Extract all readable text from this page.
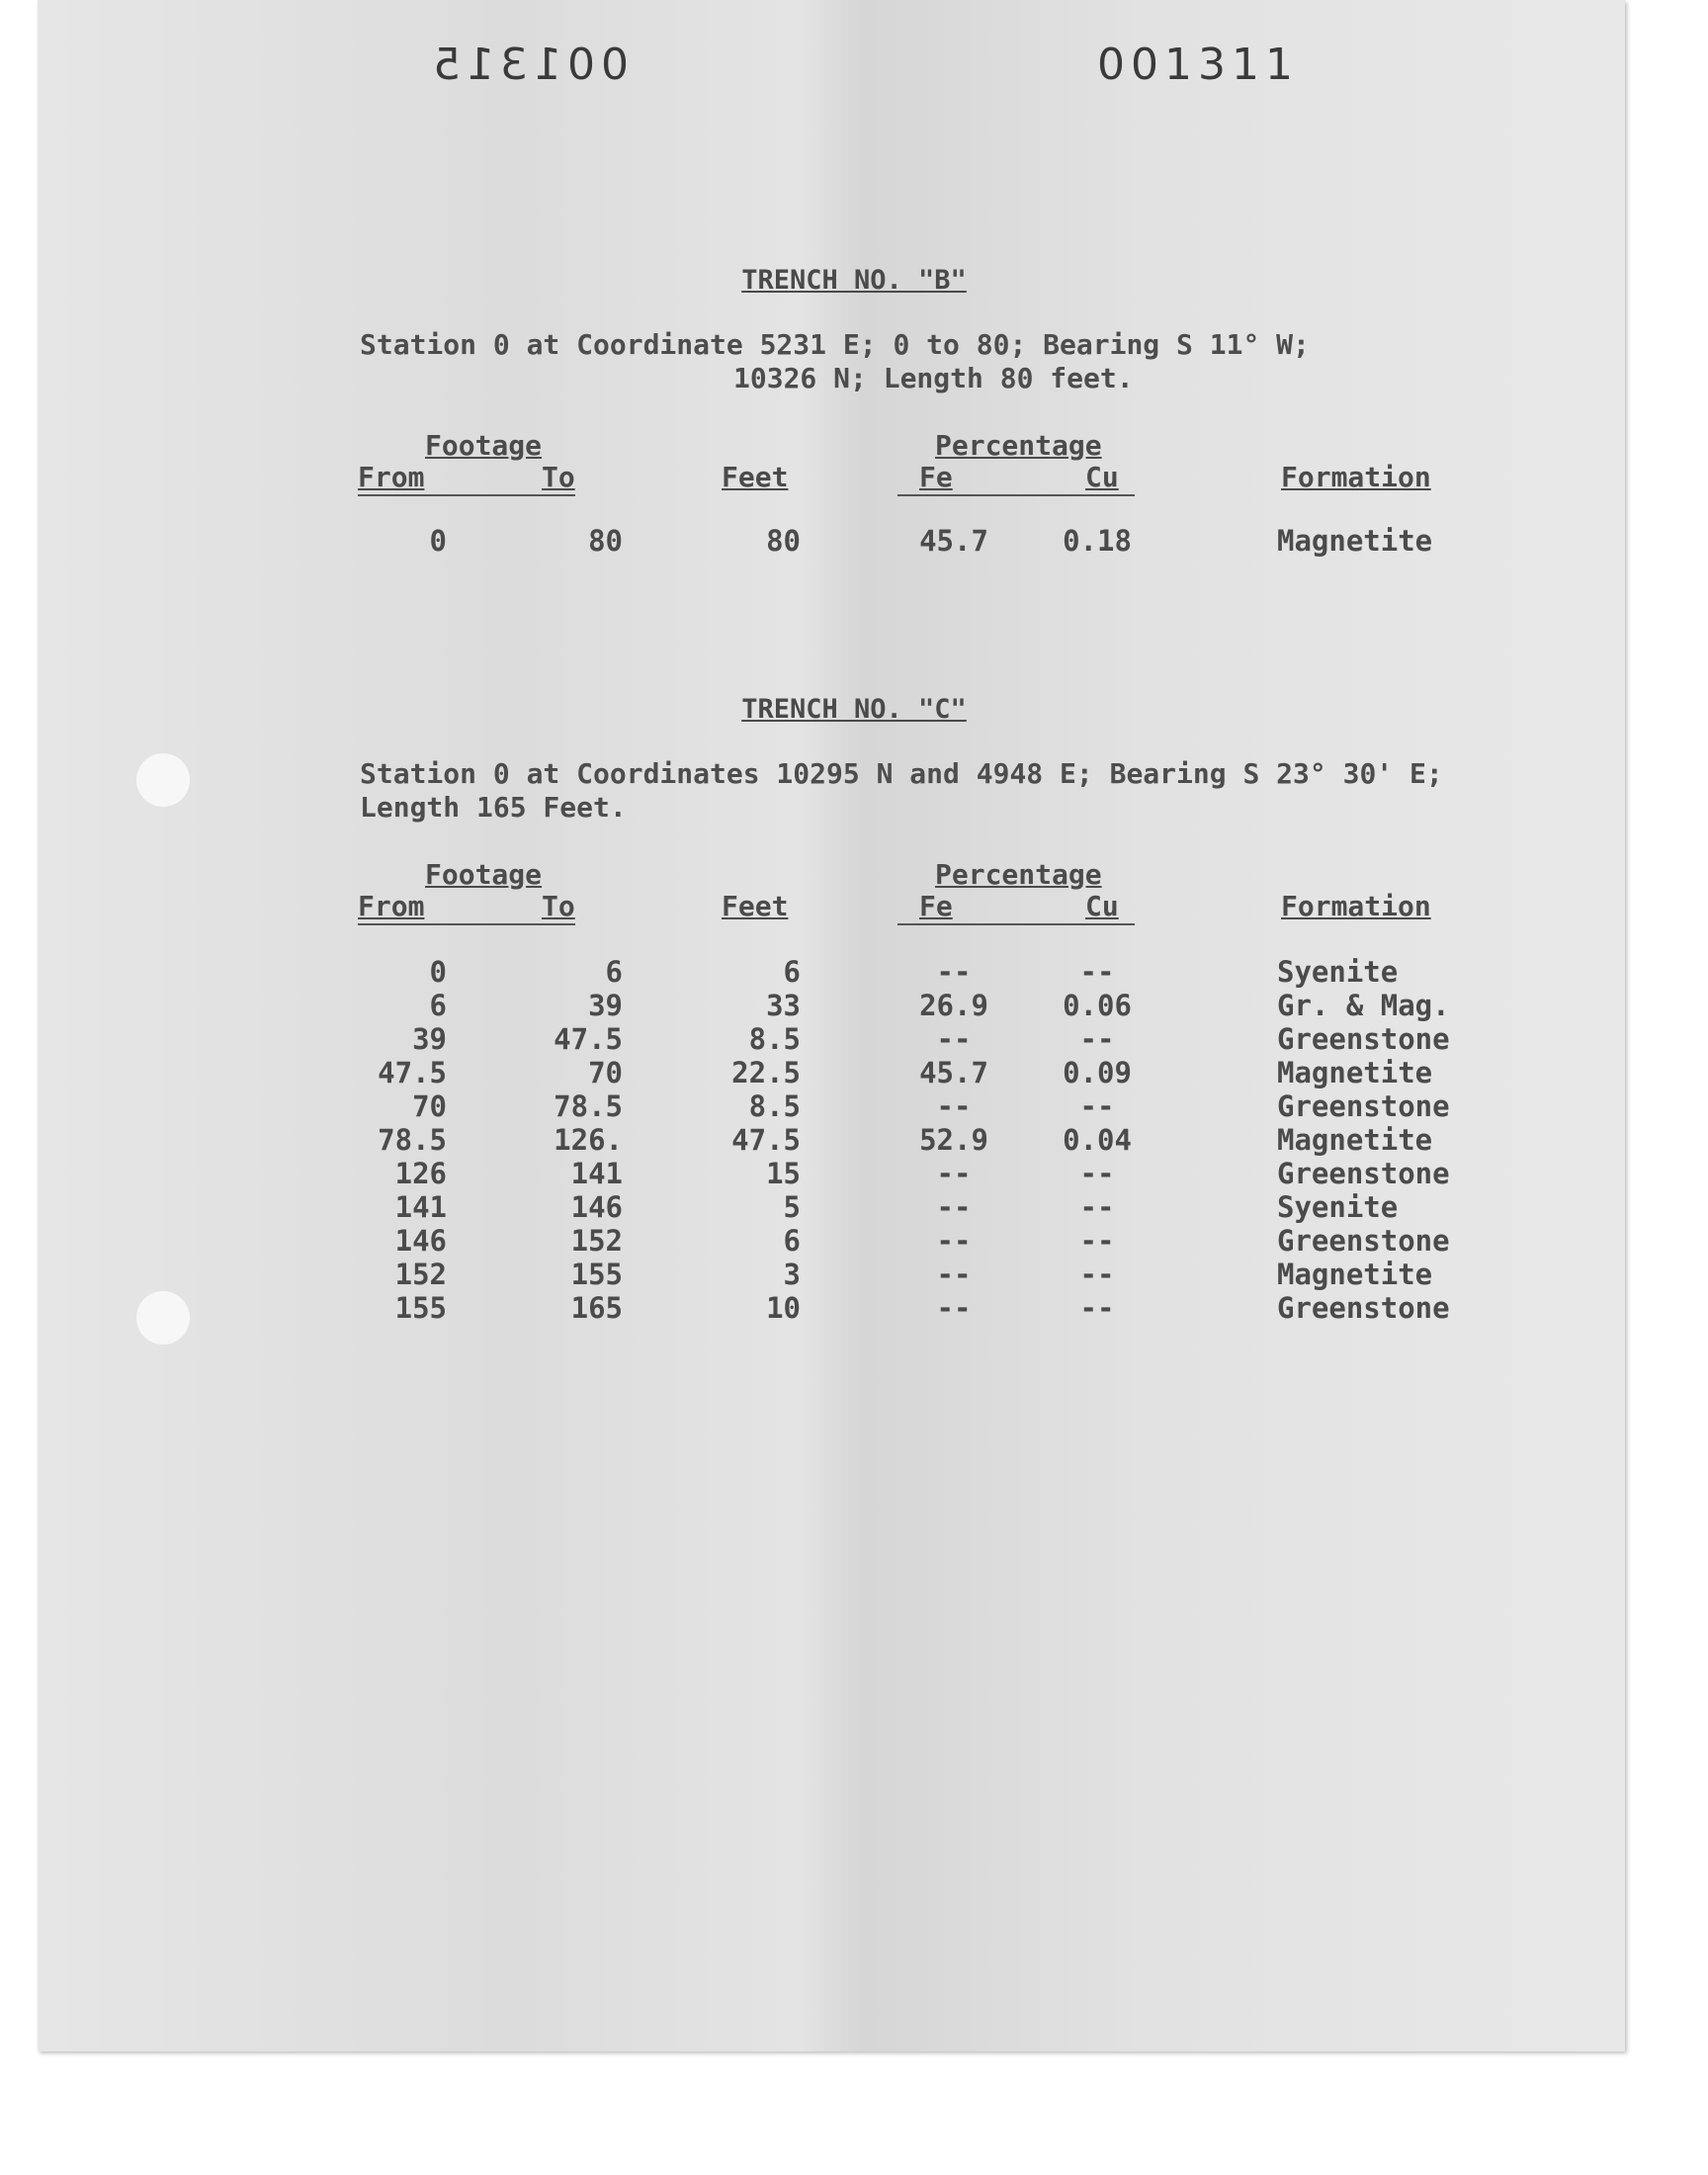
001315	001311
TRENCH NO. "B"
Station 0 at Coordinate 5231 E; 0 to 80; Bearing S 11° W;
10326 N; Length 80 feet.
Footage	Percentage
From	To	Feet	Fe	Cu	Formation
0	80	80	45.7	0.18	Magnetite
TRENCH NO. "C"
Station 0 at Coordinates 10295 N and 4948 E; Bearing S 23° 30' E;
Length 165 Feet.
Footage	Percentage
From	To	Feet	Fe	Cu	Formation
0	6	6	--	--	Syenite
6	39	33	26.9	0.06	Gr. & Mag.
39	47.5	8.5	--	--	Greenstone
47.5	70	22.5	45.7	0.09	Magnetite
70	78.5	8.5	--	--	Greenstone
78.5	126.	47.5	52.9	0.04	Magnetite
126	141	15	--	--	Greenstone
141	146	5	--	--	Syenite
146	152	6	--	--	Greenstone
152	155	3	--	--	Magnetite
155	165	10	--	--	Greenstone
